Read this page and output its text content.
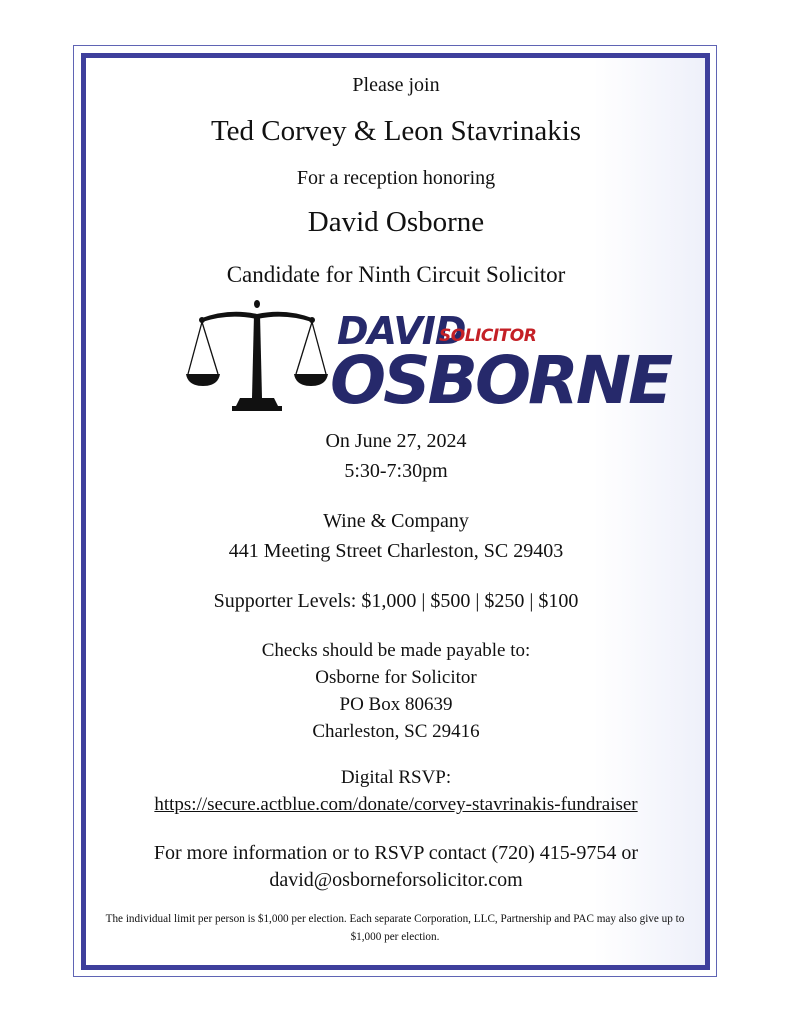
Please join
Ted Corvey & Leon Stavrinakis
For a reception honoring
David Osborne
Candidate for Ninth Circuit Solicitor
DAVID
SOLICITOR
OSBORNE
On June 27, 2024
5:30-7:30pm
Wine & Company
441 Meeting Street Charleston, SC 29403
Supporter Levels: $1,000 | $500 | $250 | $100
Checks should be made payable to:
Osborne for Solicitor
PO Box 80639
Charleston, SC 29416
Digital RSVP:
https://secure.actblue.com/donate/corvey-stavrinakis-fundraiser
For more information or to RSVP contact (720) 415-9754 or
david@osborneforsolicitor.com
The individual limit per person is $1,000 per election. Each separate Corporation, LLC, Partnership and PAC may also give up to $1,000 per election.
